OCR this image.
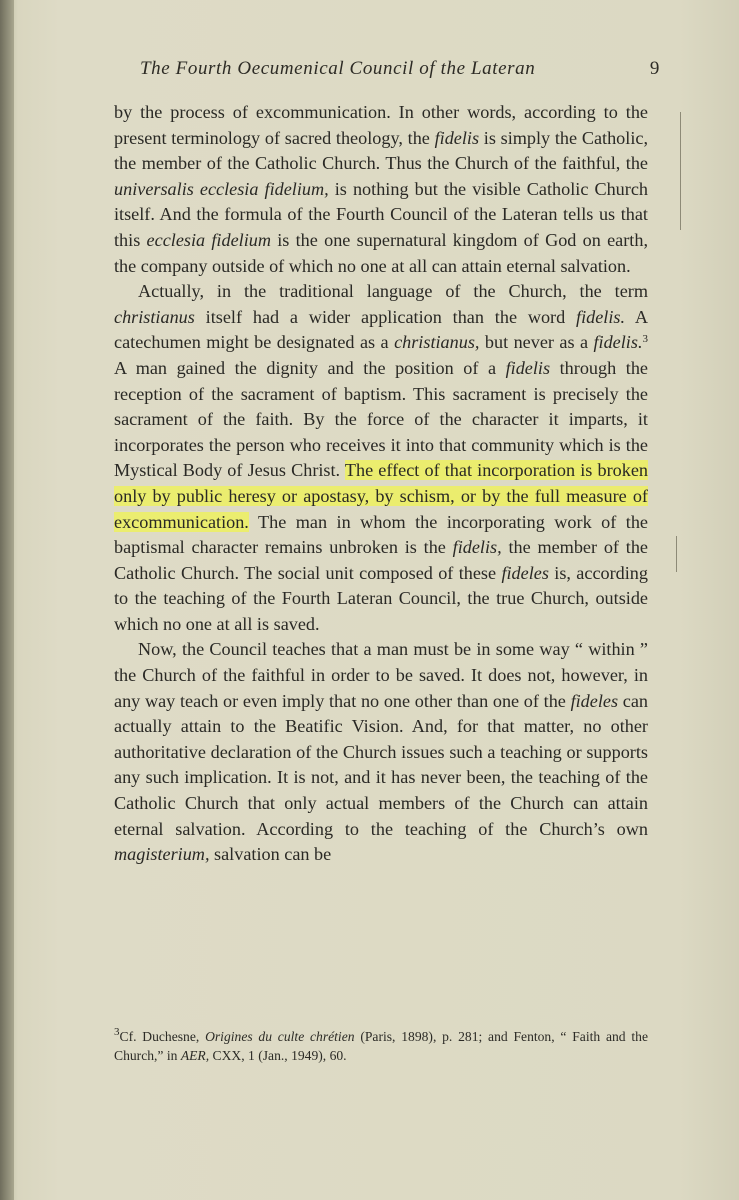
The Fourth Oecumenical Council of the Lateran	9

by the process of excommunication. In other words, according to the present terminology of sacred theology, the fidelis is simply the Catholic, the member of the Catholic Church. Thus the Church of the faithful, the universalis ecclesia fidelium, is nothing but the visible Catholic Church itself. And the formula of the Fourth Council of the Lateran tells us that this ecclesia fidelium is the one supernatural kingdom of God on earth, the company outside of which no one at all can attain eternal salvation.

Actually, in the traditional language of the Church, the term christianus itself had a wider application than the word fidelis. A catechumen might be designated as a christianus, but never as a fidelis.$^3$ A man gained the dignity and the position of a fidelis through the reception of the sacrament of baptism. This sacrament is precisely the sacrament of the faith. By the force of the character it imparts, it incorporates the person who receives it into that community which is the Mystical Body of Jesus Christ. The effect of that incorporation is broken only by public heresy or apostasy, by schism, or by the full measure of excommunication. The man in whom the incorporating work of the baptismal character remains unbroken is the fidelis, the member of the Catholic Church. The social unit composed of these fideles is, according to the teaching of the Fourth Lateran Council, the true Church, outside which no one at all is saved.

Now, the Council teaches that a man must be in some way “ within ” the Church of the faithful in order to be saved. It does not, however, in any way teach or even imply that no one other than one of the fideles can actually attain to the Beatific Vision. And, for that matter, no other authoritative declaration of the Church issues such a teaching or supports any such implication. It is not, and it has never been, the teaching of the Catholic Church that only actual members of the Church can attain eternal salvation. According to the teaching of the Church’s own magisterium, salvation can be

$^3$Cf. Duchesne, Origines du culte chrétien (Paris, 1898), p. 281; and Fenton, “ Faith and the Church,” in AER, CXX, 1 (Jan., 1949), 60.
